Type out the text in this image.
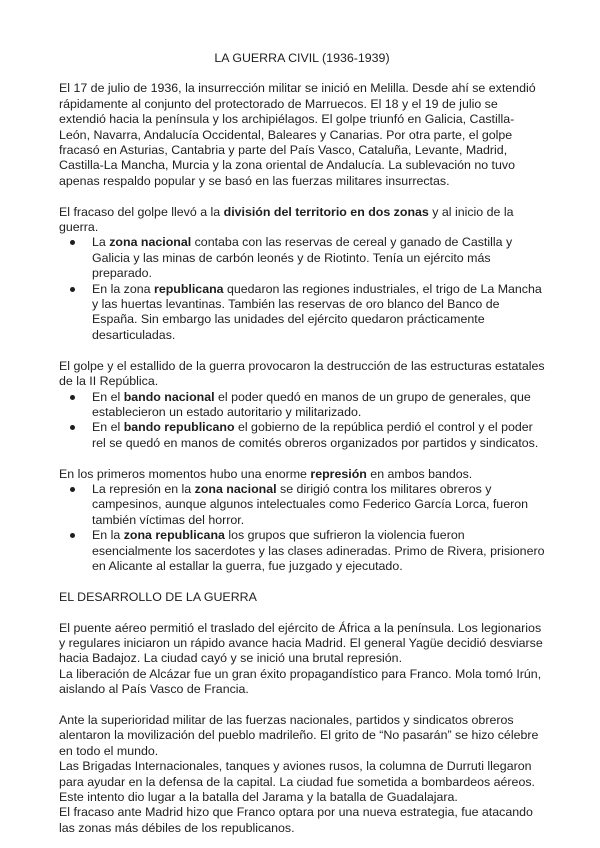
LA GUERRA CIVIL (1936-1939)

El 17 de julio de 1936, la insurrección militar se inició en Melilla. Desde ahí se extendió rápidamente al conjunto del protectorado de Marruecos. El 18 y el 19 de julio se extendió hacia la península y los archipiélagos. El golpe triunfó en Galicia, Castilla-León, Navarra, Andalucía Occidental, Baleares y Canarias. Por otra parte, el golpe fracasó en Asturias, Cantabria y parte del País Vasco, Cataluña, Levante, Madrid, Castilla-La Mancha, Murcia y la zona oriental de Andalucía. La sublevación no tuvo apenas respaldo popular y se basó en las fuerzas militares insurrectas.

El fracaso del golpe llevó a la división del territorio en dos zonas y al inicio de la guerra.

La zona nacional contaba con las reservas de cereal y ganado de Castilla y Galicia y las minas de carbón leonés y de Riotinto. Tenía un ejército más preparado.
En la zona republicana quedaron las regiones industriales, el trigo de La Mancha y las huertas levantinas. También las reservas de oro blanco del Banco de España. Sin embargo las unidades del ejército quedaron prácticamente desarticuladas.

El golpe y el estallido de la guerra provocaron la destrucción de las estructuras estatales de la II República.

En el bando nacional el poder quedó en manos de un grupo de generales, que establecieron un estado autoritario y militarizado.
En el bando republicano el gobierno de la república perdió el control y el poder rel se quedó en manos de comités obreros organizados por partidos y sindicatos.

En los primeros momentos hubo una enorme represión en ambos bandos.

La represión en la zona nacional se dirigió contra los militares obreros y campesinos, aunque algunos intelectuales como Federico García Lorca, fueron también víctimas del horror.
En la zona republicana los grupos que sufrieron la violencia fueron esencialmente los sacerdotes y las clases adineradas. Primo de Rivera, prisionero en Alicante al estallar la guerra, fue juzgado y ejecutado.

EL DESARROLLO DE LA GUERRA

El puente aéreo permitió el traslado del ejército de África a la península. Los legionarios y regulares iniciaron un rápido avance hacia Madrid. El general Yagüe decidió desviarse hacia Badajoz. La ciudad cayó y se inició una brutal represión.

La liberación de Alcázar fue un gran éxito propagandístico para Franco. Mola tomó Irún, aislando al País Vasco de Francia.

Ante la superioridad militar de las fuerzas nacionales, partidos y sindicatos obreros alentaron la movilización del pueblo madrileño. El grito de “No pasarán” se hizo célebre en todo el mundo.

Las Brigadas Internacionales, tanques y aviones rusos, la columna de Durruti llegaron para ayudar en la defensa de la capital. La ciudad fue sometida a bombardeos aéreos.

Este intento dio lugar a la batalla del Jarama y la batalla de Guadalajara.

El fracaso ante Madrid hizo que Franco optara por una nueva estrategia, fue atacando las zonas más débiles de los republicanos.
